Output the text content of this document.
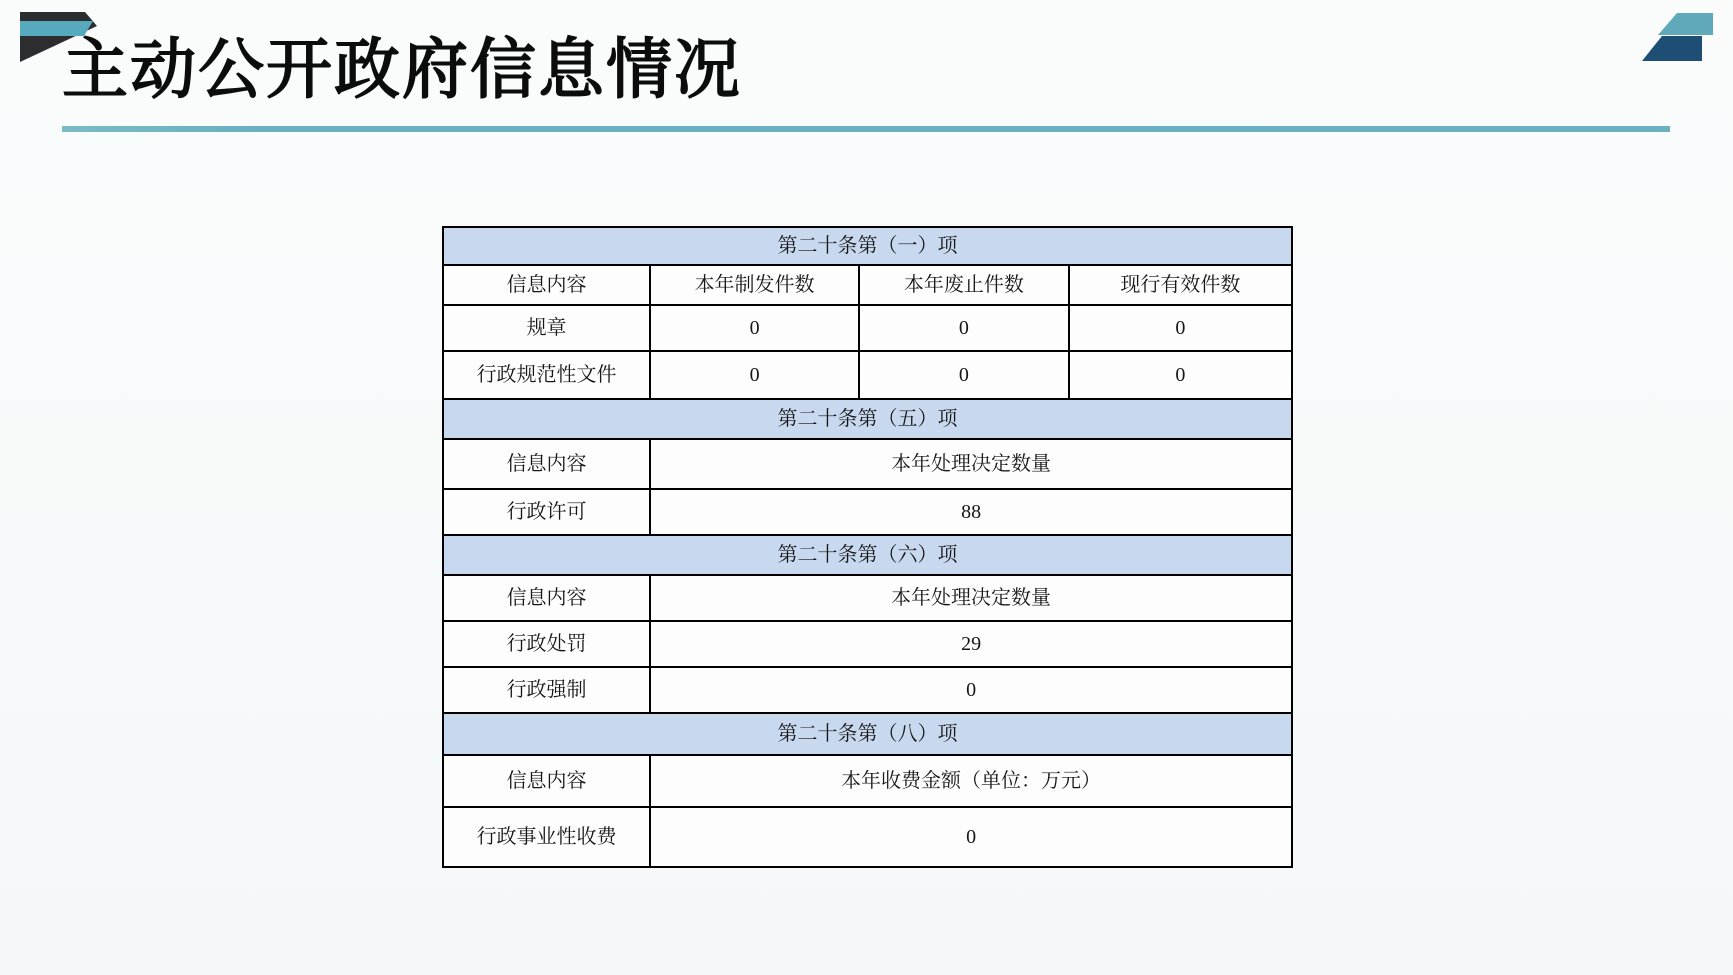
主动公开政府信息情况
第二十条第（一）项			
信息内容	本年制发件数	本年废止件数	现行有效件数
规章	0	0	0
行政规范性文件	0	0	0
第二十条第（五）项			
信息内容	本年处理决定数量		
行政许可	88		
第二十条第（六）项			
信息内容	本年处理决定数量		
行政处罚	29		
行政强制	0		
第二十条第（八）项			
信息内容	本年收费金额（单位：万元）		
行政事业性收费	0		
